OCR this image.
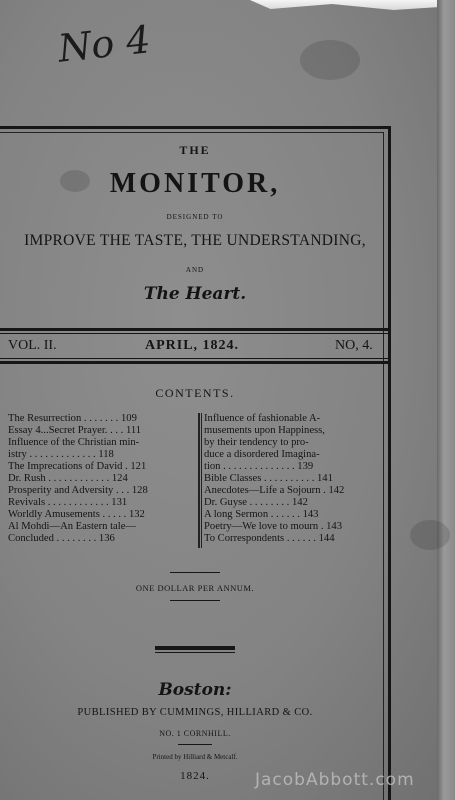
No 4
THE
MONITOR,
DESIGNED TO
IMPROVE THE TASTE, THE UNDERSTANDING,
AND
The Heart.
VOL. II.	APRIL, 1824.	NO, 4.
CONTENTS.
The Resurrection . . . . . . . 109
Essay 4...Secret Prayer. . . . 111
Influence of the Christian min-
istry . . . . . . . . . . . . . 118
The Imprecations of David . 121
Dr. Rush . . . . . . . . . . . . 124
Prosperity and Adversity . . . 128
Revivals . . . . . . . . . . . . 131
Worldly Amusements . . . . . 132
Al Mohdi—An Eastern tale—
Concluded . . . . . . . . 136
Influence of fashionable A-
musements upon Happiness,
by their tendency to pro-
duce a disordered Imagina-
tion . . . . . . . . . . . . . . 139
Bible Classes . . . . . . . . . . 141
Anecdotes—Life a Sojourn . 142
Dr. Guyse . . . . . . . . 142
A long Sermon . . . . . . 143
Poetry—We love to mourn . 143
To Correspondents . . . . . . 144
ONE DOLLAR PER ANNUM.
Boston:
PUBLISHED BY CUMMINGS, HILLIARD & CO.
NO. 1 CORNHILL.
Printed by Hilliard & Metcalf.
1824.	JacobAbbott.com
